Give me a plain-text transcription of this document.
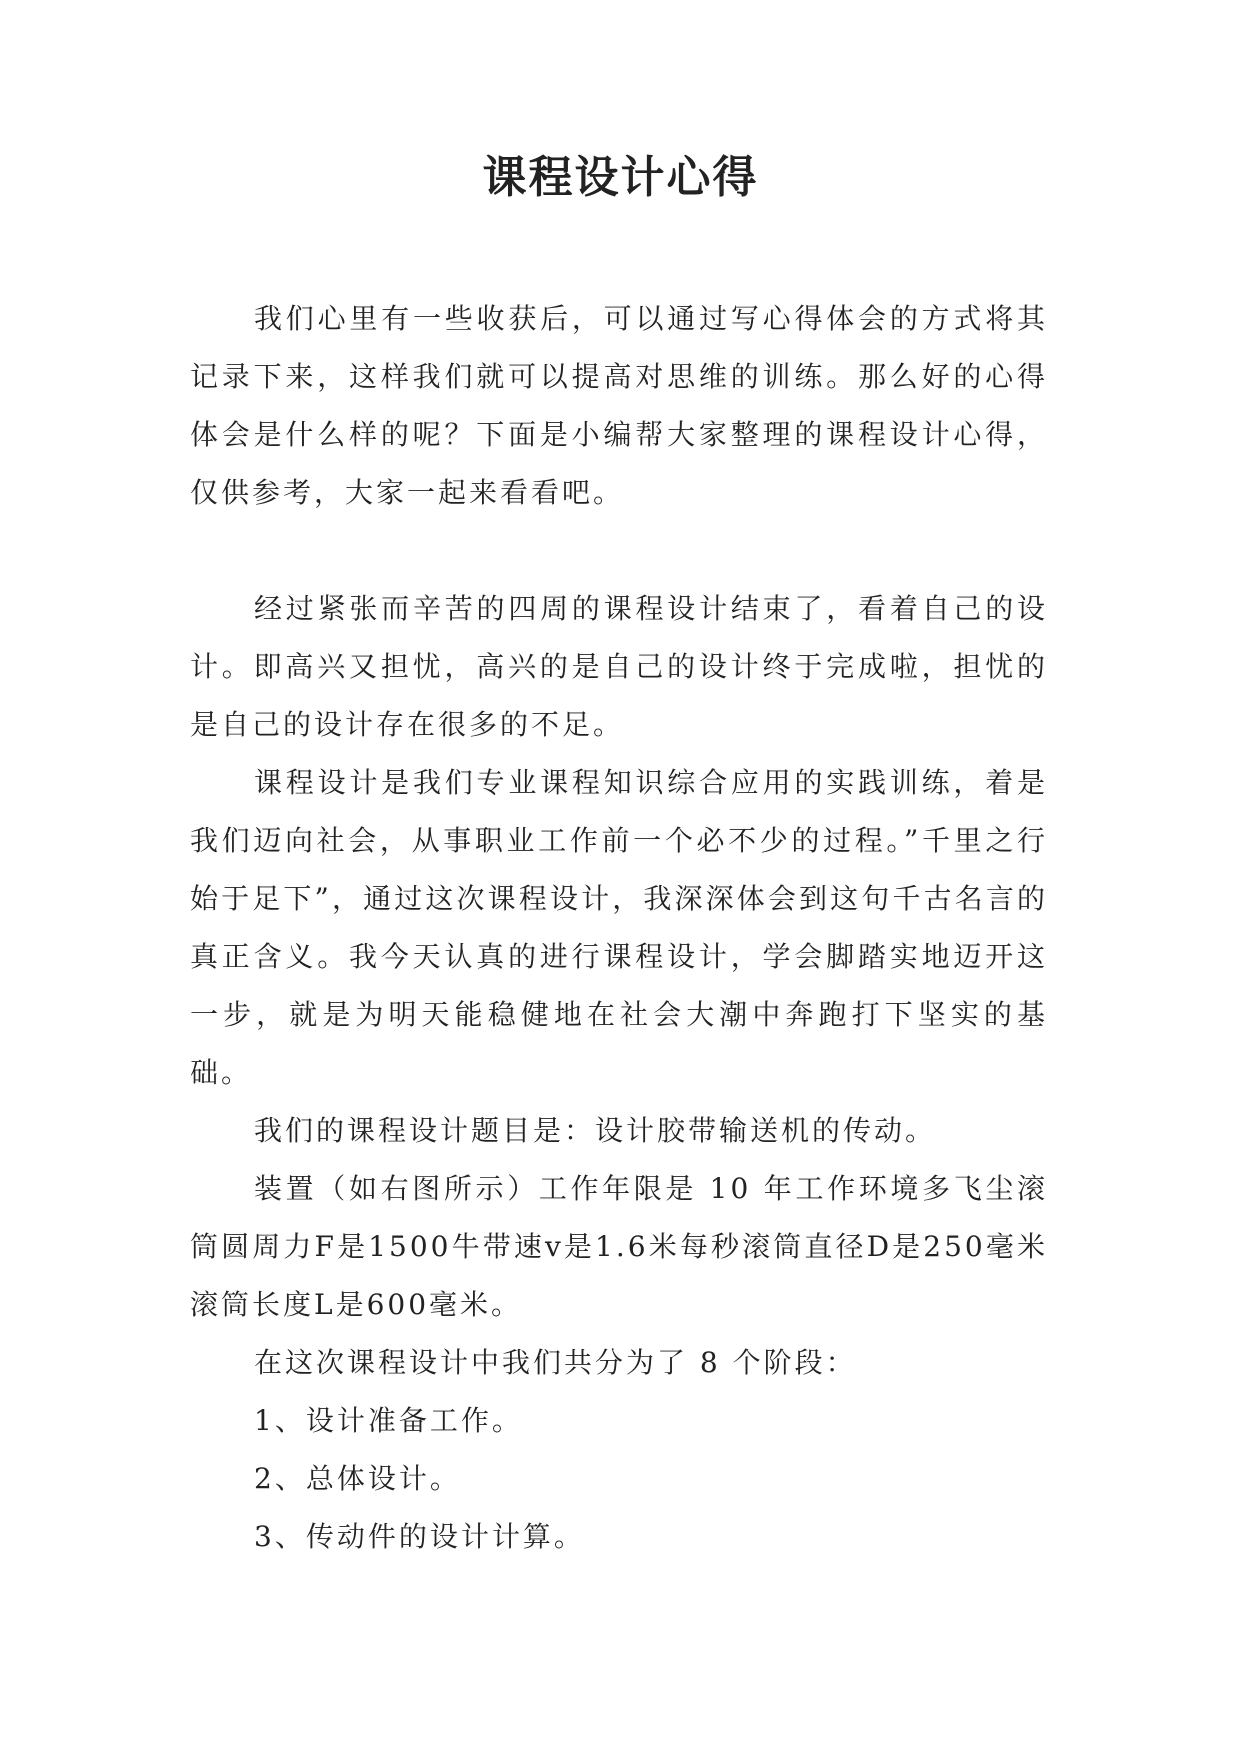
课程设计心得

我们心里有一些收获后，可以通过写心得体会的方式将其记录下来，这样我们就可以提高对思维的训练。那么好的心得体会是什么样的呢？下面是小编帮大家整理的课程设计心得，仅供参考，大家一起来看看吧。

经过紧张而辛苦的四周的课程设计结束了，看着自己的设计。即高兴又担忧，高兴的是自己的设计终于完成啦，担忧的是自己的设计存在很多的不足。

课程设计是我们专业课程知识综合应用的实践训练，着是我们迈向社会，从事职业工作前一个必不少的过程。”千里之行始于足下”，通过这次课程设计，我深深体会到这句千古名言的真正含义。我今天认真的进行课程设计，学会脚踏实地迈开这一步，就是为明天能稳健地在社会大潮中奔跑打下坚实的基础。

我们的课程设计题目是：设计胶带输送机的传动。

装置（如右图所示）工作年限是 10 年工作环境多飞尘滚筒圆周力F是1500牛带速v是1.6米每秒滚筒直径D是250毫米滚筒长度L是600毫米。

在这次课程设计中我们共分为了 8 个阶段：

1、设计准备工作。

2、总体设计。

3、传动件的设计计算。
